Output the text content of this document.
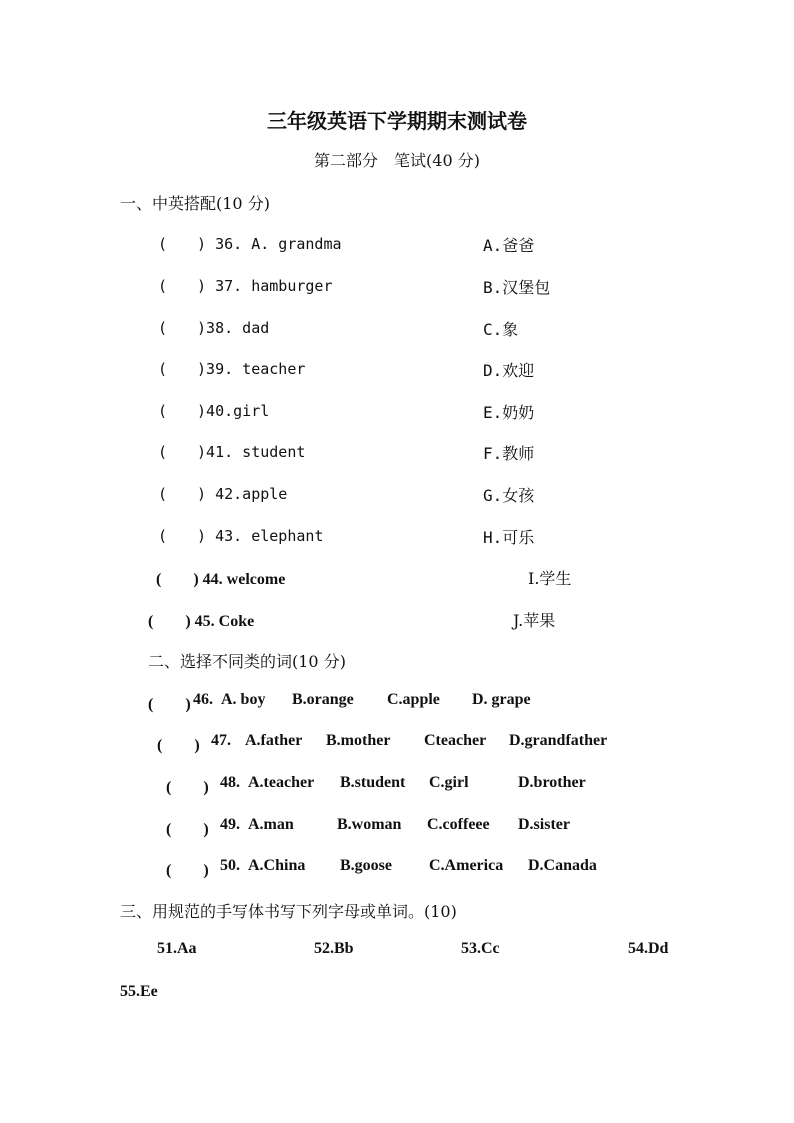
三年级英语下学期期末测试卷
第二部分　笔试(40 分)
一、中英搭配(10 分)
(　　) 36. A. grandma	A.爸爸
(　　) 37. hamburger	B.汉堡包
(　　)38. dad	C.象
(　　)39. teacher	D.欢迎
(　　)40.girl	E.奶奶
(　　)41. student	F.教师
(　　) 42.apple	G.女孩
(　　) 43. elephant	H.可乐
(　　) 44. welcome	I.学生
(　　) 45. Coke	J.苹果
二、选择不同类的词(10 分)
(　　) 46. A. boy B.orange C.apple D. grape
(　　) 47. A.father B.mother Cteacher D.grandfather
(　　) 48. A.teacher B.student C.girl	D.brother
(　　) 49. A.man	B.woman C.coffeee D.sister
(　　) 50. A.China B.goose C.America D.Canada
三、用规范的手写体书写下列字母或单词。(10)
51.Aa	52.Bb	53.Cc	54.Dd
55.Ee
